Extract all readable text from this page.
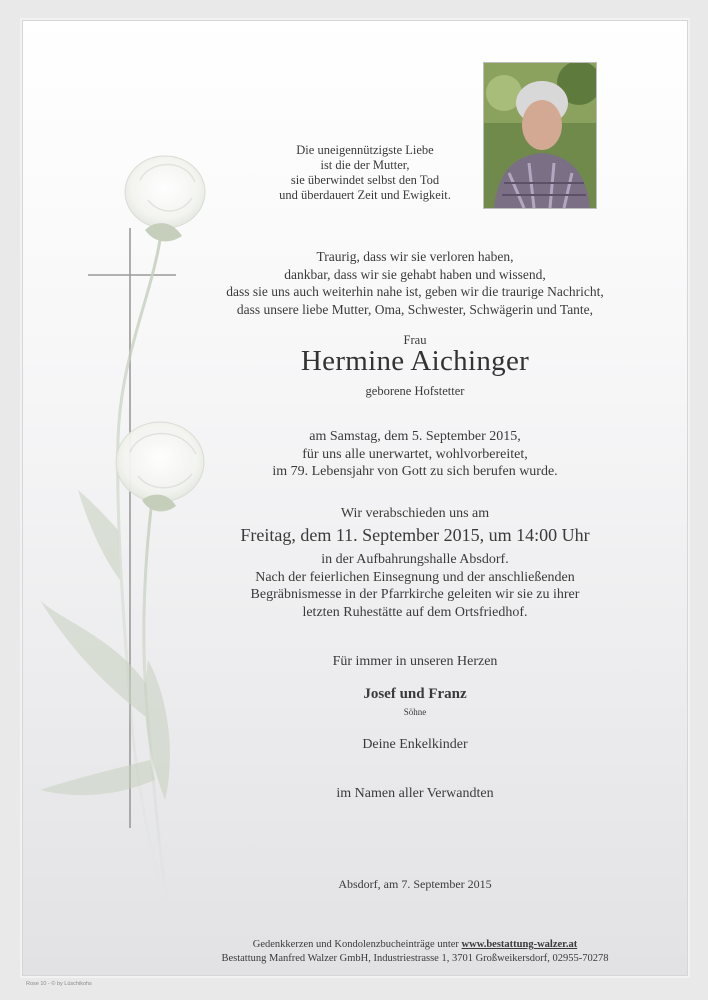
Die uneigennützigste Liebe
ist die der Mutter,
sie überwindet selbst den Tod
und überdauert Zeit und Ewigkeit.

Traurig, dass wir sie verloren haben,
dankbar, dass wir sie gehabt haben und wissend,
dass sie uns auch weiterhin nahe ist, geben wir die traurige Nachricht,
dass unsere liebe Mutter, Oma, Schwester, Schwägerin und Tante,

Frau

Hermine Aichinger

geborene Hofstetter

am Samstag, dem 5. September 2015,
für uns alle unerwartet, wohlvorbereitet,
im 79. Lebensjahr von Gott zu sich berufen wurde.

Wir verabschieden uns am

Freitag, dem 11. September 2015, um 14:00 Uhr

in der Aufbahrungshalle Absdorf.
Nach der feierlichen Einsegnung und der anschließenden
Begräbnismesse in der Pfarrkirche geleiten wir sie zu ihrer
letzten Ruhestätte auf dem Ortsfriedhof.

Für immer in unseren Herzen

Josef und Franz

Söhne

Deine Enkelkinder

im Namen aller Verwandten

Absdorf, am 7. September 2015

Gedenkkerzen und Kondolenzbucheinträge unter www.bestattung-walzer.at
Bestattung Manfred Walzer GmbH, Industriestrasse 1, 3701 Großweikersdorf, 02955-70278

Rose 10 - © by Lüschikohs
